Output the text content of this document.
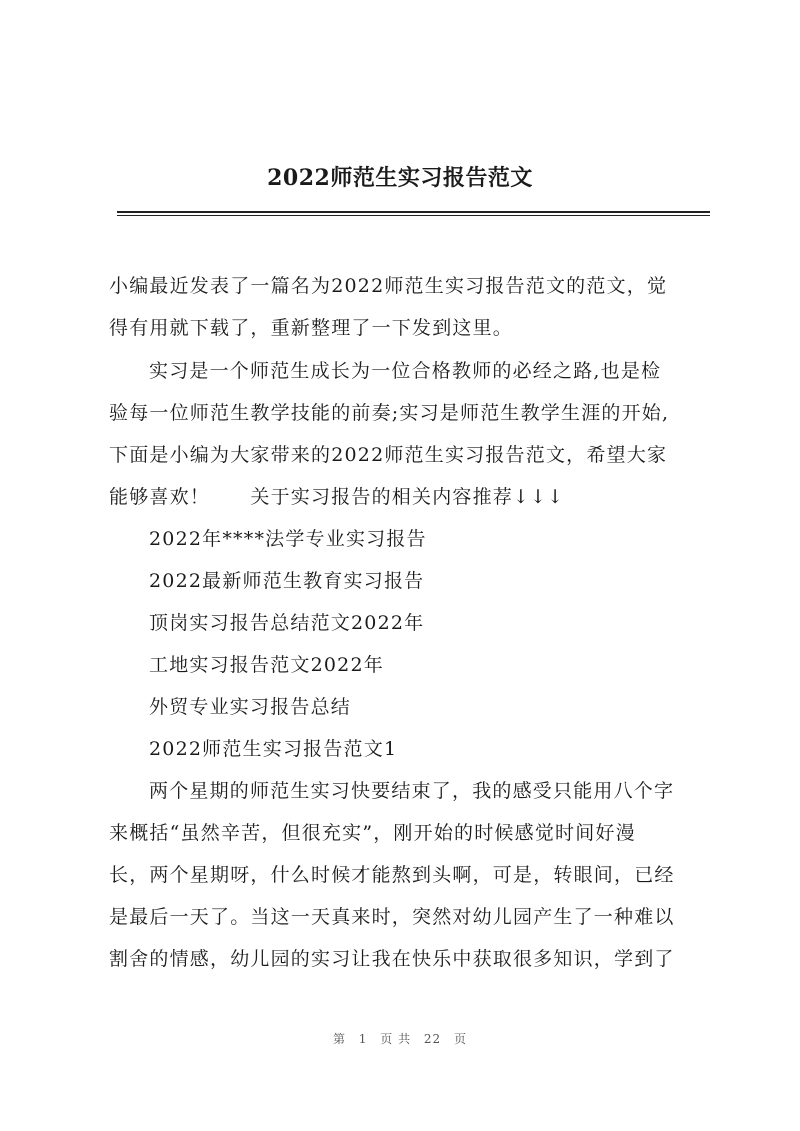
2022师范生实习报告范文
小编最近发表了一篇名为2022师范生实习报告范文的范文，觉
得有用就下载了，重新整理了一下发到这里。
实习是一个师范生成长为一位合格教师的必经之路,也是检
验每一位师范生教学技能的前奏;实习是师范生教学生涯的开始,
下面是小编为大家带来的2022师范生实习报告范文，希望大家
能够喜欢！　　关于实习报告的相关内容推荐↓↓↓
2022年****法学专业实习报告
2022最新师范生教育实习报告
顶岗实习报告总结范文2022年
工地实习报告范文2022年
外贸专业实习报告总结
2022师范生实习报告范文1
两个星期的师范生实习快要结束了，我的感受只能用八个字
来概括“虽然辛苦，但很充实”，刚开始的时候感觉时间好漫
长，两个星期呀，什么时候才能熬到头啊，可是，转眼间，已经
是最后一天了。当这一天真来时，突然对幼儿园产生了一种难以
割舍的情感，幼儿园的实习让我在快乐中获取很多知识，学到了
第 1 页 共 22 页
